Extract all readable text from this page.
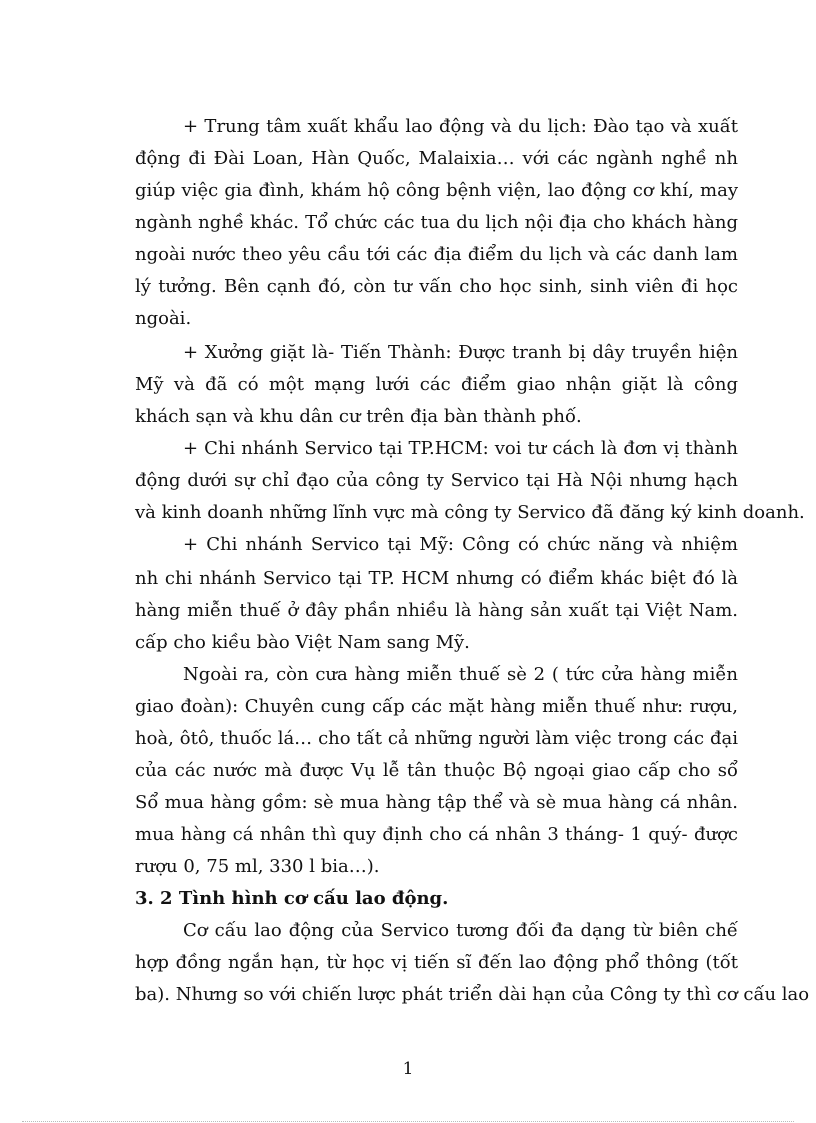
+ Trung tâm xuất khẩu lao động và du lịch: Đào tạo và xuất
động đi Đài Loan, Hàn Quốc, Malaixia… với các ngành nghề nh
giúp việc gia đình, khám hộ công bệnh viện, lao động cơ khí, may
ngành nghề khác. Tổ chức các tua du lịch nội địa cho khách hàng
ngoài nước theo yêu cầu tới các địa điểm du lịch và các danh lam
lý tưởng. Bên cạnh đó, còn tư vấn cho học sinh, sinh viên đi học
ngoài.
+ Xưởng giặt là- Tiến Thành: Được tranh bị dây truyền hiện
Mỹ và đã có một mạng lưới các điểm giao nhận giặt là công
khách sạn và khu dân cư trên địa bàn thành phố.
+ Chi nhánh Servico tại TP.HCM: voi tư cách là đơn vị thành
động dưới sự chỉ đạo của công ty Servico tại Hà Nội nhưng hạch
và kinh doanh những lĩnh vực mà công ty Servico đã đăng ký kinh doanh.
+ Chi nhánh Servico tại Mỹ: Công có chức năng và nhiệm
nh chi nhánh Servico tại TP. HCM nhưng có điểm khác biệt đó là
hàng miễn thuế ở đây phần nhiều là hàng sản xuất tại Việt Nam.
cấp cho kiều bào Việt Nam sang Mỹ.
Ngoài ra, còn cưa hàng miễn thuế sè 2 ( tức cửa hàng miễn
giao đoàn): Chuyên cung cấp các mặt hàng miễn thuế như: rượu,
hoà, ôtô, thuốc lá… cho tất cả những người làm việc trong các đại
của các nước mà được Vụ lễ tân thuộc Bộ ngoại giao cấp cho sổ
Sổ mua hàng gồm: sè mua hàng tập thể và sè mua hàng cá nhân.
mua hàng cá nhân thì quy định cho cá nhân 3 tháng- 1 quý- được
rượu 0, 75 ml, 330 l bia…).
3. 2 Tình hình cơ cấu lao động.
Cơ cấu lao động của Servico tương đối đa dạng từ biên chế
hợp đồng ngắn hạn, từ học vị tiến sĩ đến lao động phổ thông (tốt
ba). Nhưng so với chiến lược phát triển dài hạn của Công ty thì cơ cấu lao
1
